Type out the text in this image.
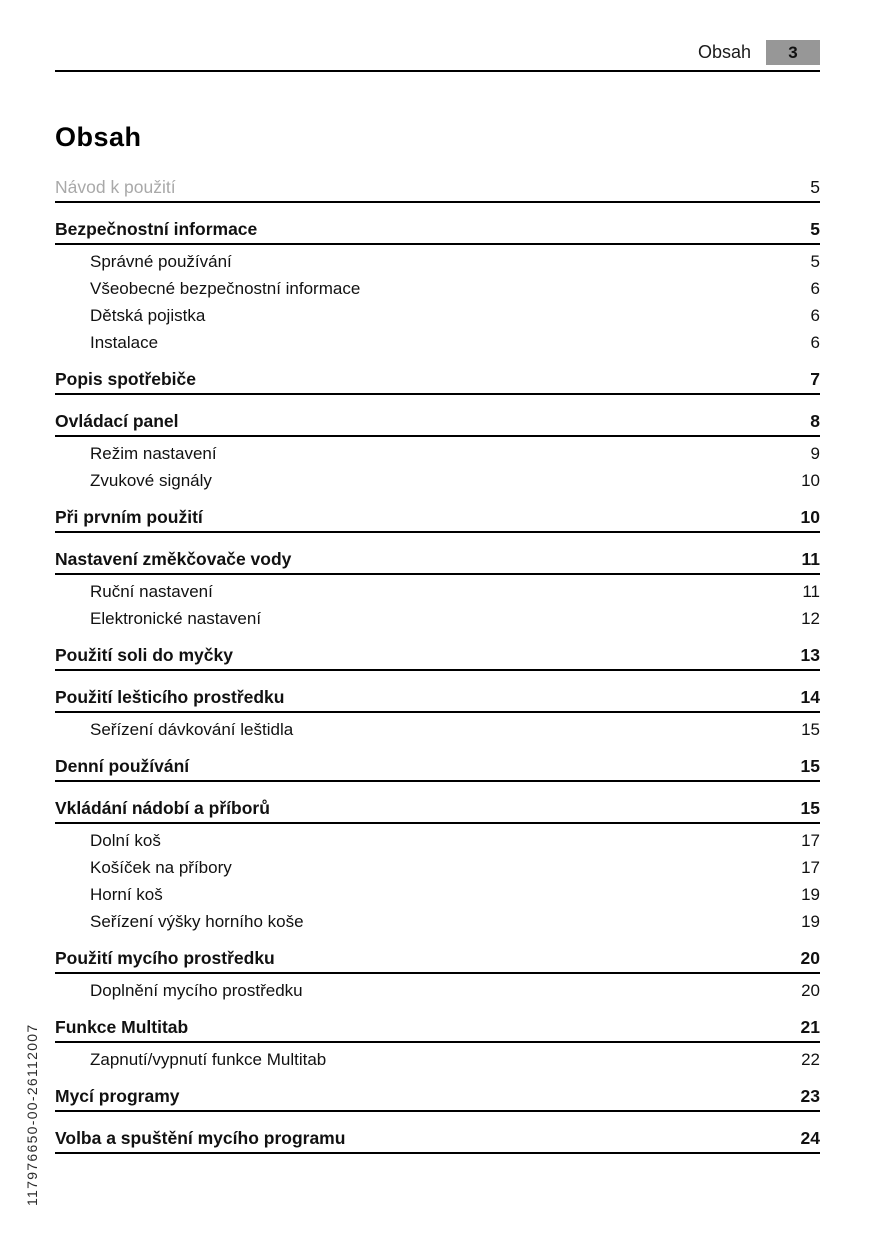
Obsah	3
Obsah
Návod k použití	5
Bezpečnostní informace	5
Správné používání	5
Všeobecné bezpečnostní informace	6
Dětská pojistka	6
Instalace	6
Popis spotřebiče	7
Ovládací panel	8
Režim nastavení	9
Zvukové signály	10
Při prvním použití	10
Nastavení změkčovače vody	11
Ruční nastavení	11
Elektronické nastavení	12
Použití soli do myčky	13
Použití lešticího prostředku	14
Seřízení dávkování leštidla	15
Denní používání	15
Vkládání nádobí a příborů	15
Dolní koš	17
Košíček na příbory	17
Horní koš	19
Seřízení výšky horního koše	19
Použití mycího prostředku	20
Doplnění mycího prostředku	20
Funkce Multitab	21
Zapnutí/vypnutí funkce Multitab	22
Mycí programy	23
Volba a spuštění mycího programu	24
117976650-00-26112007
